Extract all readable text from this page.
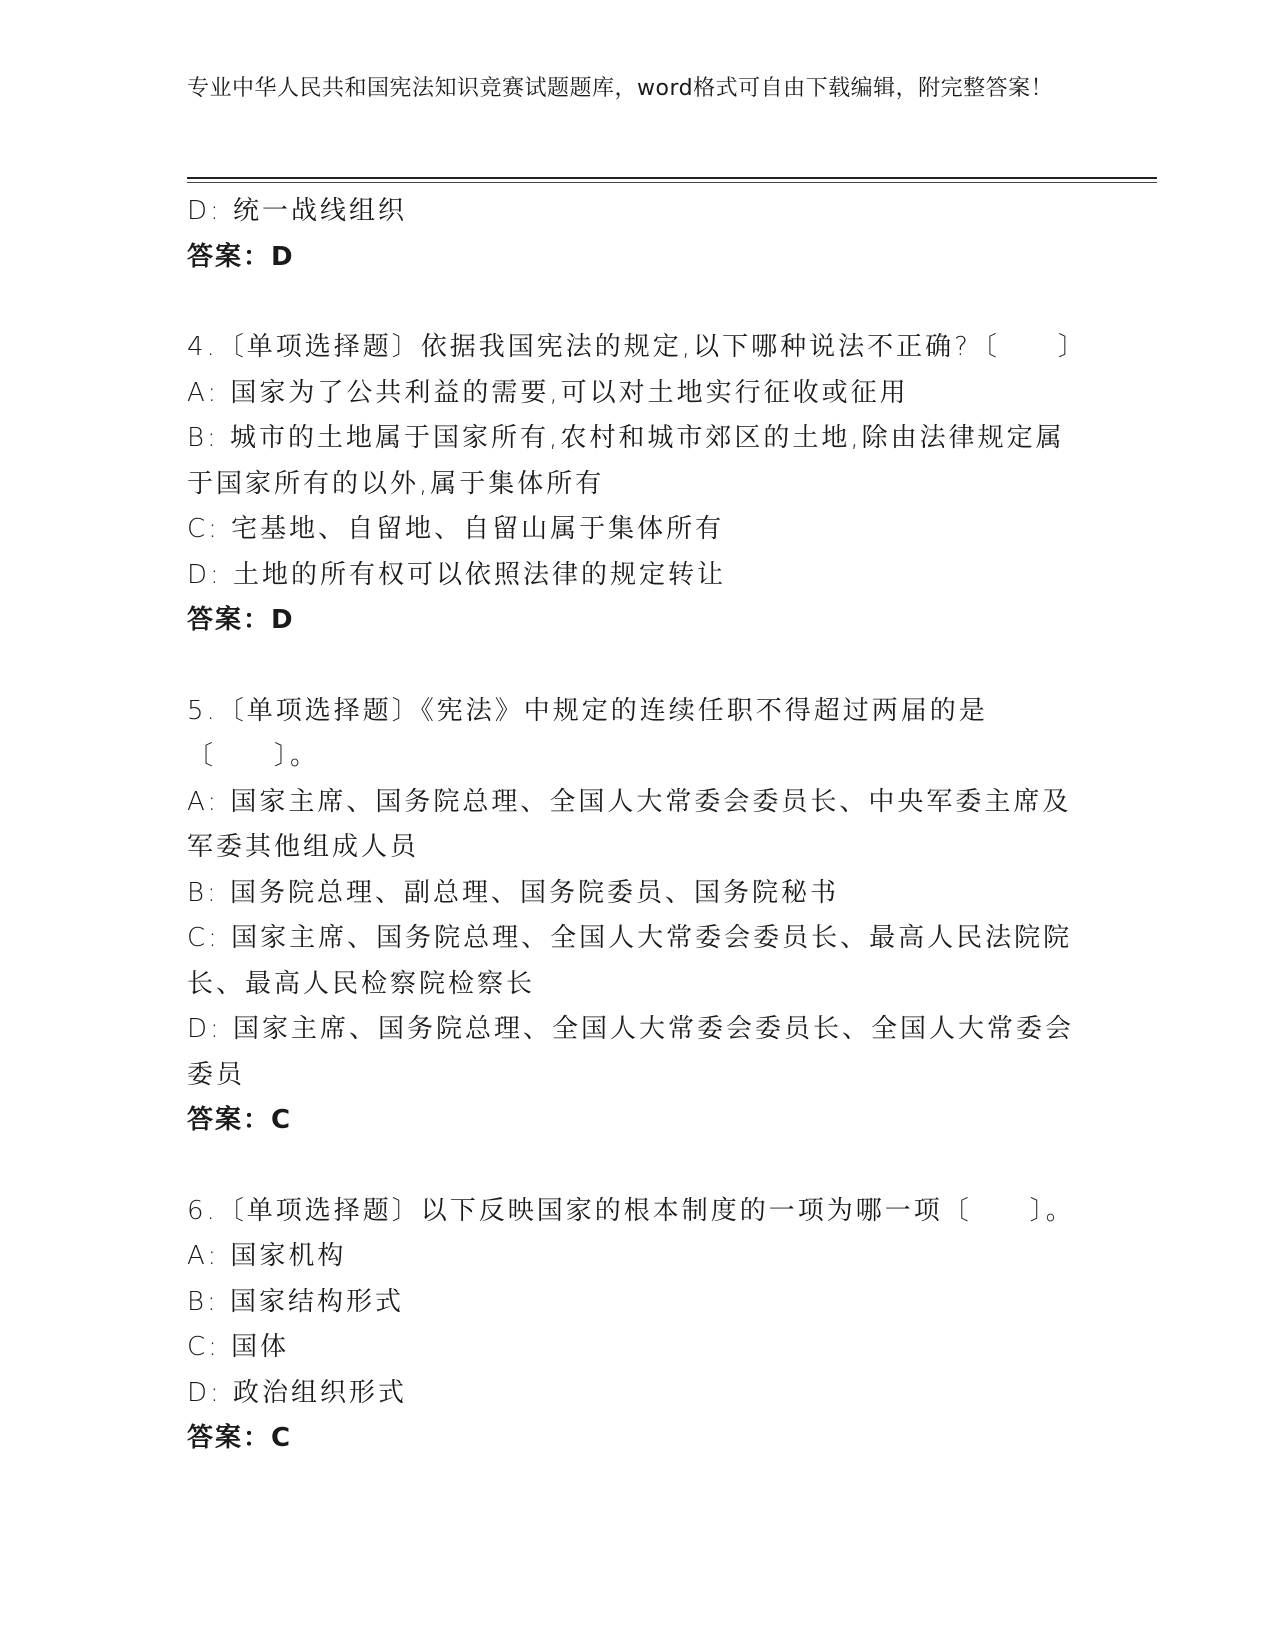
专业中华人民共和国宪法知识竞赛试题题库，word格式可自由下载编辑，附完整答案！
D: 统一战线组织
答案：D
4.〔单项选择题〕依据我国宪法的规定,以下哪种说法不正确?〔　　〕
A: 国家为了公共利益的需要,可以对土地实行征收或征用
B: 城市的土地属于国家所有,农村和城市郊区的土地,除由法律规定属于国家所有的以外,属于集体所有
C: 宅基地、自留地、自留山属于集体所有
D: 土地的所有权可以依照法律的规定转让
答案：D
5.〔单项选择题〕《宪法》中规定的连续任职不得超过两届的是〔　　〕。
A: 国家主席、国务院总理、全国人大常委会委员长、中央军委主席及军委其他组成人员
B: 国务院总理、副总理、国务院委员、国务院秘书
C: 国家主席、国务院总理、全国人大常委会委员长、最高人民法院院长、最高人民检察院检察长
D: 国家主席、国务院总理、全国人大常委会委员长、全国人大常委会委员
答案：C
6.〔单项选择题〕以下反映国家的根本制度的一项为哪一项〔　　〕。
A: 国家机构
B: 国家结构形式
C: 国体
D: 政治组织形式
答案：C
